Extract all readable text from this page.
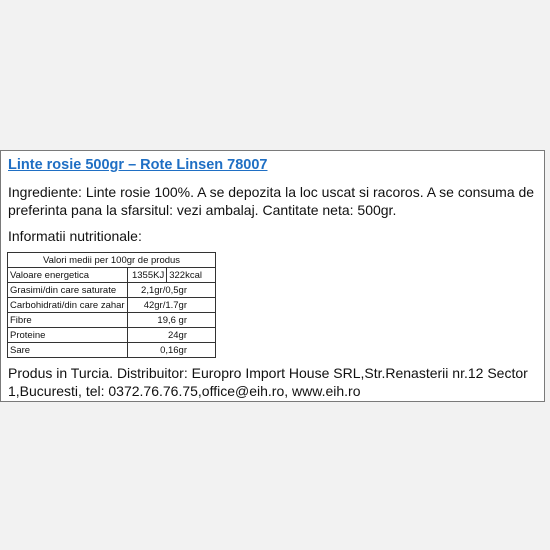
Linte rosie 500gr – Rote Linsen 78007

Ingrediente: Linte rosie 100%. A se depozita la loc uscat si racoros. A se consuma de
preferinta pana la sfarsitul: vezi ambalaj. Cantitate neta: 500gr.
Informatii nutritionale:
Valori medii per 100gr de produs		
Valoare energetica	1355KJ	322kcal
Grasimi/din care saturate	2,1gr/0,5gr	
Carbohidrati/din care zahar	42gr/1.7gr	
Fibre	19,6 gr	
Proteine	24gr	
Sare	0,16gr	
Produs in Turcia. Distribuitor: Europro Import House SRL,Str.Renasterii nr.12 Sector
1,Bucuresti, tel: 0372.76.76.75,office@eih.ro, www.eih.ro
